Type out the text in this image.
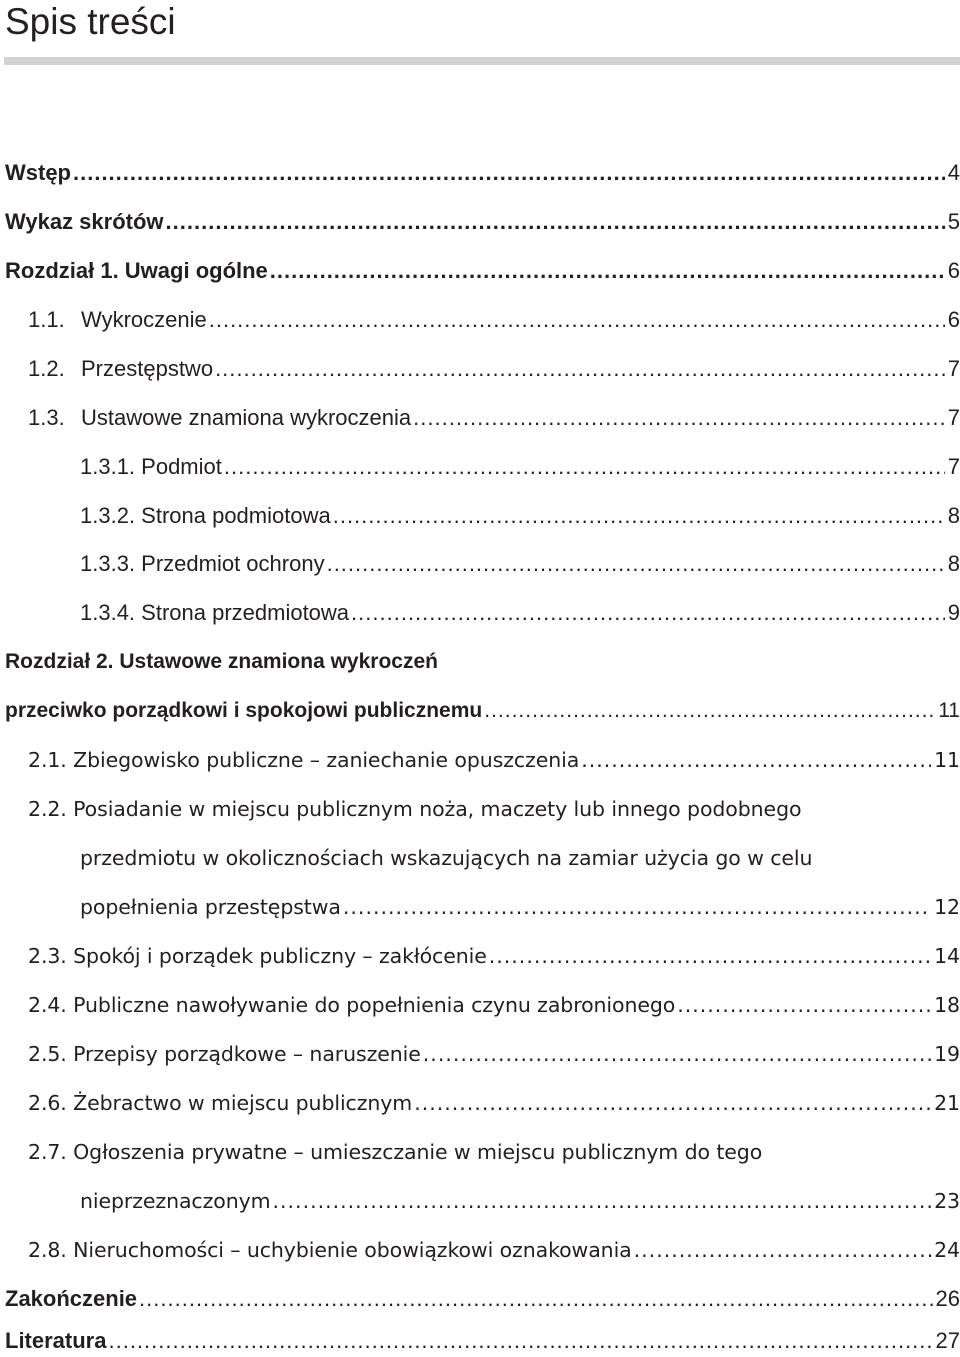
Spis treści
Wstęp .....	4
Wykaz skrótów .....	5
Rozdział 1. Uwagi ogólne .....	6
1.1. Wykroczenie .....	6
1.2. Przestępstwo .....	7
1.3. Ustawowe znamiona wykroczenia .....	7
1.3.1. Podmiot .....	7
1.3.2. Strona podmiotowa .....	8
1.3.3. Przedmiot ochrony .....	8
1.3.4. Strona przedmiotowa .....	9
Rozdział 2. Ustawowe znamiona wykroczeń
przeciwko porządkowi i spokojowi publicznemu .....	11
2.1. Zbiegowisko publiczne – zaniechanie opuszczenia .....	11
2.2. Posiadanie w miejscu publicznym noża, maczety lub innego podobnego
przedmiotu w okolicznościach wskazujących na zamiar użycia go w celu
popełnienia przestępstwa .....	12
2.3. Spokój i porządek publiczny – zakłócenie .....	14
2.4. Publiczne nawoływanie do popełnienia czynu zabronionego .....	18
2.5. Przepisy porządkowe – naruszenie .....	19
2.6. Żebractwo w miejscu publicznym .....	21
2.7. Ogłoszenia prywatne – umieszczanie w miejscu publicznym do tego
nieprzeznaczonym .....	23
2.8. Nieruchomości – uchybienie obowiązkowi oznakowania .....	24
Zakończenie .....	26
Literatura .....	27
